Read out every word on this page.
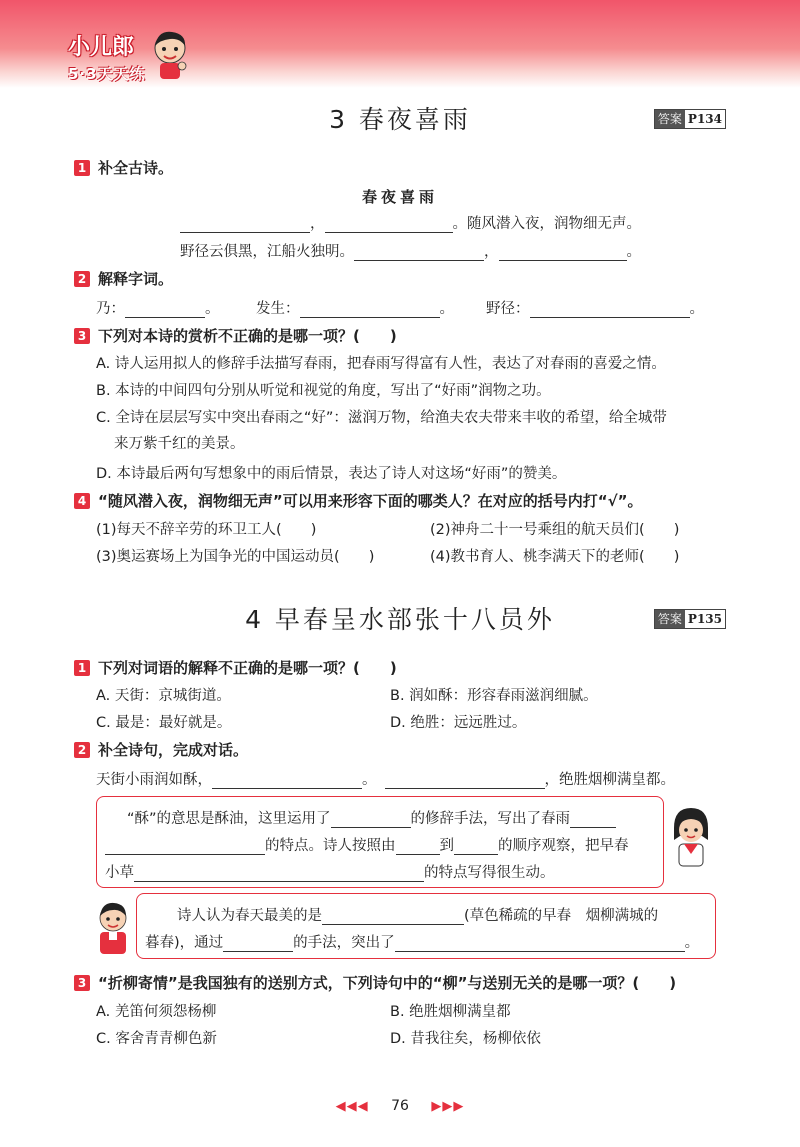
小儿郎
5·3天天练
3 春夜喜雨	答案 P134
1 补全古诗。
春夜喜雨
，	。随风潜入夜，润物细无声。
野径云俱黑，江船火独明。	，	。
2 解释字词。
乃：	。	发生：	。 野径：	。
3 下列对本诗的赏析不正确的是哪一项？(　　)
A. 诗人运用拟人的修辞手法描写春雨，把春雨写得富有人性，表达了对春雨的喜爱之情。
B. 本诗的中间四句分别从听觉和视觉的角度，写出了“好雨”润物之功。
C. 全诗在层层写实中突出春雨之“好”：滋润万物，给渔夫农夫带来丰收的希望，给全城带
来万紫千红的美景。
D. 本诗最后两句写想象中的雨后情景，表达了诗人对这场“好雨”的赞美。
4 “随风潜入夜，润物细无声”可以用来形容下面的哪类人？在对应的括号内打“√”。
(1)每天不辞辛劳的环卫工人(　　)	(2)神舟二十一号乘组的航天员们(　　)
(3)奥运赛场上为国争光的中国运动员(　　)	(4)教书育人、桃李满天下的老师(　　)
4 早春呈水部张十八员外	答案 P135
1 下列对词语的解释不正确的是哪一项？(　　)
A. 天街：京城街道。	B. 润如酥：形容春雨滋润细腻。
C. 最是：最好就是。	D. 绝胜：远远胜过。
2 补全诗句，完成对话。
天街小雨润如酥，	。	，绝胜烟柳满皇都。
“酥”的意思是酥油，这里运用了	的修辞手法，写出了春雨
的特点。诗人按照由	到	的顺序观察，把早春
小草	的特点写得很生动。
诗人认为春天最美的是	(草色稀疏的早春　烟柳满城的
暮春)，通过	的手法，突出了	。
3 “折柳寄情”是我国独有的送别方式，下列诗句中的“柳”与送别无关的是哪一项？(　　)
A. 羌笛何须怨杨柳	B. 绝胜烟柳满皇都
C. 客舍青青柳色新	D. 昔我往矣，杨柳依依
◀◀◀ 76 ▶▶▶
